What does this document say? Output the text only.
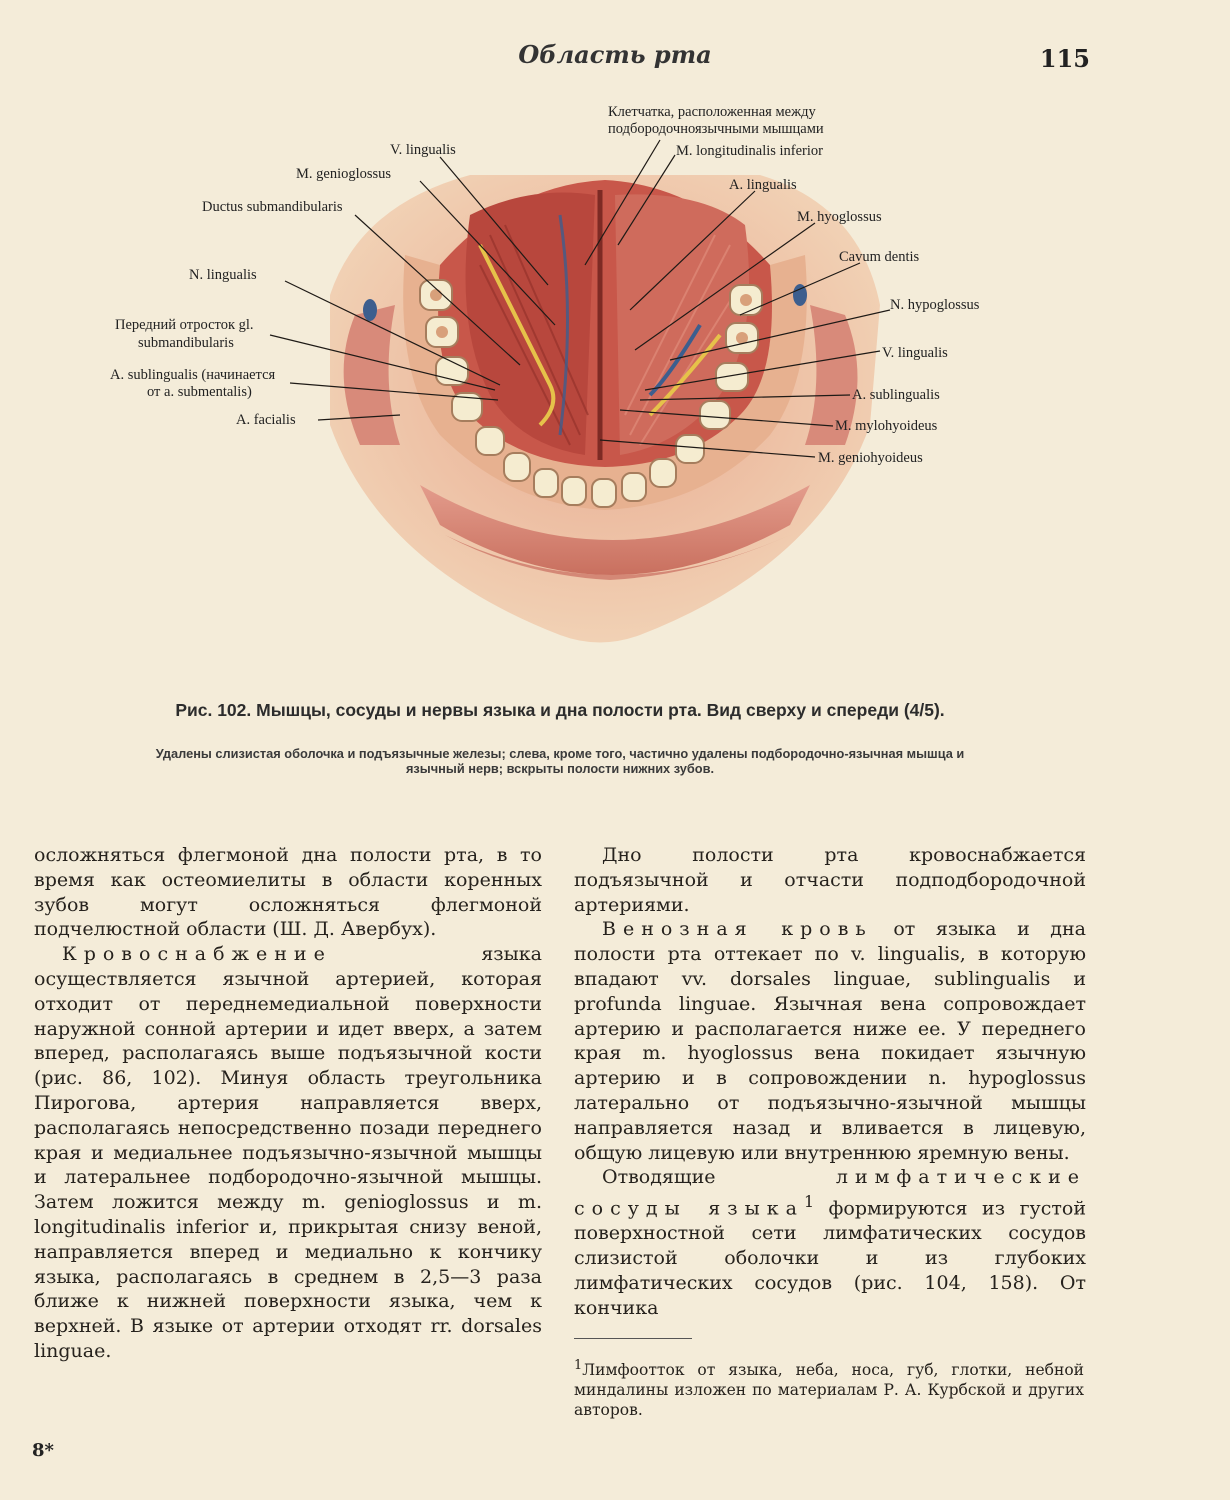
Область рта	115
Клетчатка, расположенная между
подбородочноязычными мышцами
M. longitudinalis inferior
V. lingualis
M. genioglossus
A. lingualis
Ductus submandibularis
M. hyoglossus
Cavum dentis
N. lingualis
N. hypoglossus
Передний отросток gl.
submandibularis
V. lingualis
A. sublingualis (начинается
от a. submentalis)	A. sublingualis
A. facialis	M. mylohyoideus
M. geniohyoideus
Рис. 102. Мышцы, сосуды и нервы языка и дна полости рта. Вид сверху и спереди (4/5).
Удалены слизистая оболочка и подъязычные железы; слева, кроме того, частично удалены подбородочно-язычная мышца и язычный нерв; вскрыты полости нижних зубов.

осложняться флегмоной дна полости рта, в то время как остеомиелиты в области коренных зубов могут осложняться флегмоной подчелюстной области (Ш. Д. Авербух).

Кровоснабжение языка осуществляется язычной артерией, которая отходит от переднемедиальной поверхности наружной сонной артерии и идет вверх, а затем вперед, располагаясь выше подъязычной кости (рис. 86, 102). Минуя область треугольника Пирогова, артерия направляется вверх, располагаясь непосредственно позади переднего края и медиальнее подъязычно-язычной мышцы и латеральнее подбородочно-язычной мышцы. Затем ложится между m. genioglossus и m. longitudinalis inferior и, прикрытая снизу веной, направляется вперед и медиально к кончику языка, располагаясь в среднем в 2,5—3 раза ближе к нижней поверхности языка, чем к верхней. В языке от артерии отходят rr. dorsales linguae.

Дно полости рта кровоснабжается подъязычной и отчасти подподбородочной артериями.

Венозная кровь от языка и дна полости рта оттекает по v. lingualis, в которую впадают vv. dorsales linguae, sublingualis и profunda linguae. Язычная вена сопровождает артерию и располагается ниже ее. У переднего края m. hyoglossus вена покидает язычную артерию и в сопровождении n. hypoglossus латерально от подъязычно-язычной мышцы направляется назад и вливается в лицевую, общую лицевую или внутреннюю яремную вены.

Отводящие лимфатические сосуды языка$^1$ формируются из густой поверхностной сети лимфатических сосудов слизистой оболочки и из глубоких лимфатических сосудов (рис. 104, 158). От кончика

$^1$Лимфоотток от языка, неба, носа, губ, глотки, небной миндалины изложен по материалам Р. А. Курбской и других авторов.
8*
